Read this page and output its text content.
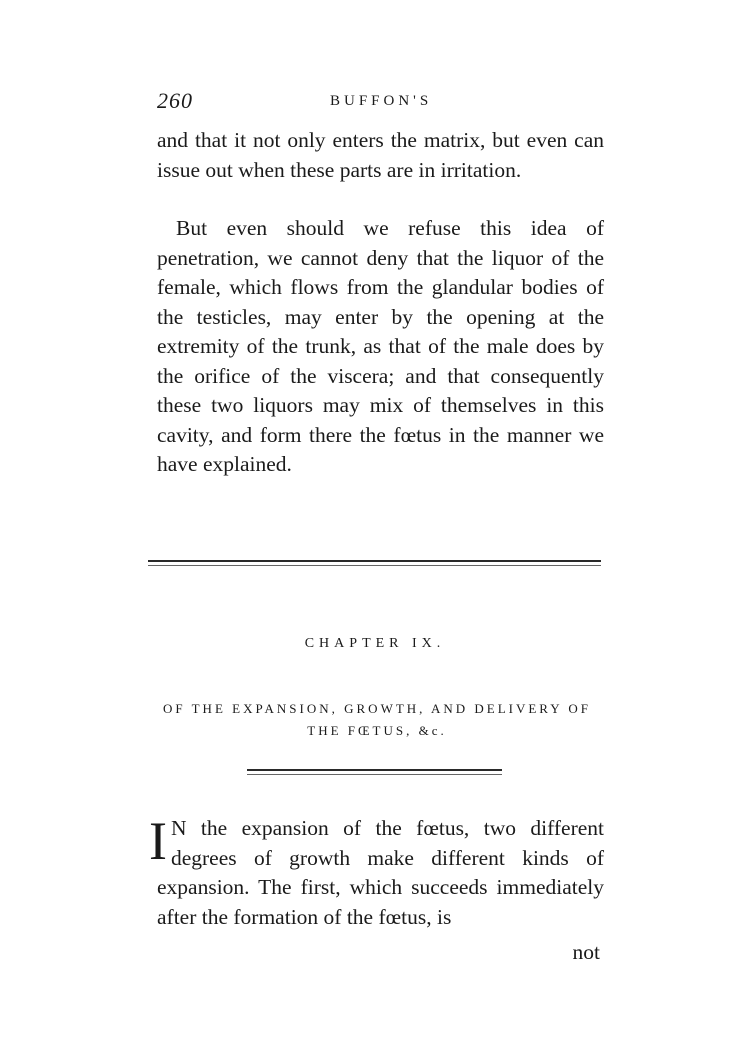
260	BUFFON'S

and that it not only enters the matrix, but even can issue out when these parts are in irritation.

But even should we refuse this idea of penetration, we cannot deny that the liquor of the female, which flows from the glandular bodies of the testicles, may enter by the opening at the extremity of the trunk, as that of the male does by the orifice of the viscera; and that consequently these two liquors may mix of themselves in this cavity, and form there the fœtus in the manner we have explained.

CHAPTER IX.
OF THE EXPANSION, GROWTH, AND DELIVERY OF THE FŒTUS, &c.

I N the expansion of the fœtus, two different degrees of growth make different kinds of expansion. The first, which succeeds immediately after the formation of the fœtus, is

not
